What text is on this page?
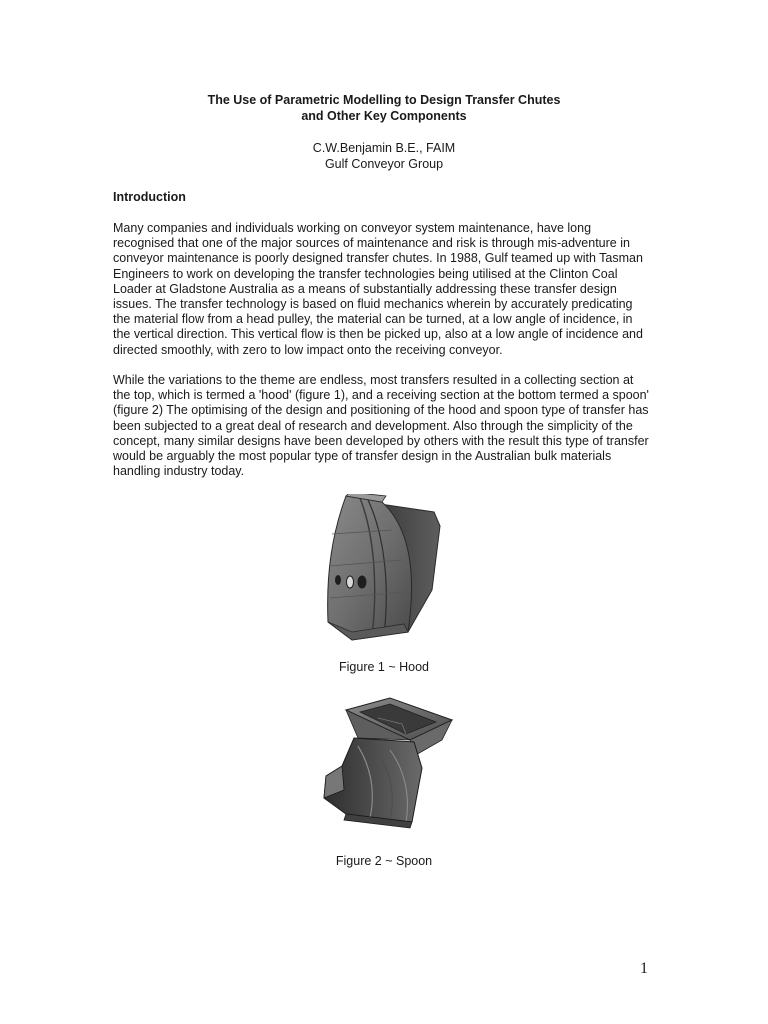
The Use of Parametric Modelling to Design Transfer Chutes
and Other Key Components
C.W.Benjamin B.E., FAIM
Gulf Conveyor Group
Introduction
Many companies and individuals working on conveyor system maintenance, have long
recognised that one of the major sources of maintenance and risk is through mis-adventure in
conveyor maintenance is poorly designed transfer chutes. In 1988, Gulf teamed up with Tasman
Engineers to work on developing the transfer technologies being utilised at the Clinton Coal
Loader at Gladstone Australia as a means of substantially addressing these transfer design
issues. The transfer technology is based on fluid mechanics wherein by accurately predicating
the material flow from a head pulley, the material can be turned, at a low angle of incidence, in
the vertical direction. This vertical flow is then be picked up, also at a low angle of incidence and
directed smoothly, with zero to low impact onto the receiving conveyor.
While the variations to the theme are endless, most transfers resulted in a collecting section at
the top, which is termed a 'hood' (figure 1), and a receiving section at the bottom termed a spoon'
(figure 2) The optimising of the design and positioning of the hood and spoon type of transfer has
been subjected to a great deal of research and development. Also through the simplicity of the
concept, many similar designs have been developed by others with the result this type of transfer
would be arguably the most popular type of transfer design in the Australian bulk materials
handling industry today.
Figure 1 ~ Hood
Figure 2 ~ Spoon
1
